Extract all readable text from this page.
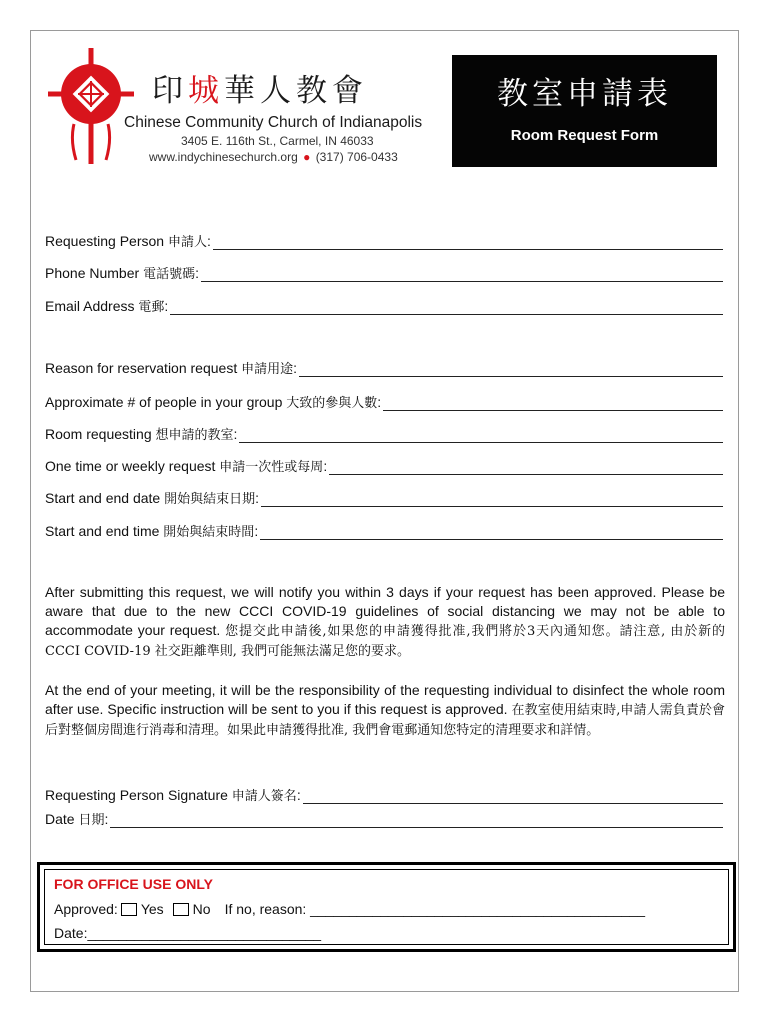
印城華人教會
Chinese Community Church of Indianapolis
3405 E. 116th St., Carmel, IN 46033
www.indychinesechurch.org ● (317) 706-0433
教室申請表
Room Request Form
Requesting Person 申請人:
Phone Number 電話號碼:
Email Address 電郵:
Reason for reservation request 申請用途:
Approximate # of people in your group 大致的參與人數:
Room requesting 想申請的教室:
One time or weekly request 申請一次性或每周:
Start and end date 開始與結束日期:
Start and end time 開始與結束時間:
After submitting this request, we will notify you within 3 days if your request has been approved. Please be aware that due to the new CCCI COVID-19 guidelines of social distancing we may not be able to accommodate your request. 您提交此申請後,如果您的申請獲得批准,我們將於3天內通知您。請注意, 由於新的 CCCI COVID-19 社交距離準則, 我們可能無法滿足您的要求。
At the end of your meeting, it will be the responsibility of the requesting individual to disinfect the whole room after use. Specific instruction will be sent to you if this request is approved. 在教室使用結束時,申請人需負責於會后對整個房間進行消毒和清理。如果此申請獲得批准, 我們會電郵通知您特定的清理要求和詳情。
Requesting Person Signature 申請人簽名:
Date 日期:
FOR OFFICE USE ONLY
Approved: Yes No If no, reason: ___________________________________________
Date:______________________________
